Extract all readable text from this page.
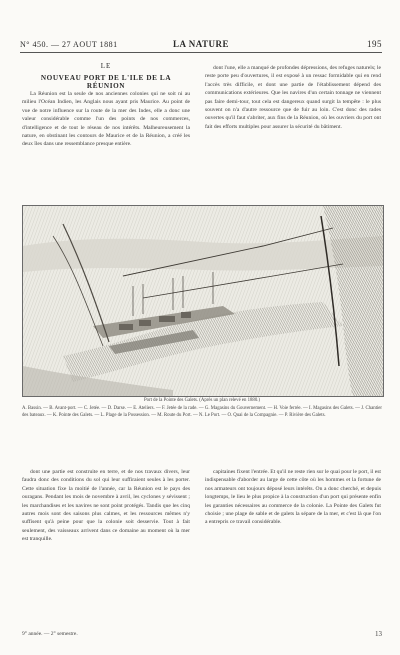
N° 450. — 27 AOUT 1881	LA NATURE	195
LE
NOUVEAU PORT DE L'ILE DE LA RÉUNION

La Réunion est la seule de nos anciennes colonies qui ne soit ni au milieu l'Océan Indien, les Anglais nous ayant pris Maurice. Au point de vue de notre influence sur la route de la mer des Indes, elle a donc une valeur considérable comme l'un des points de nos commerces, d'intelligence et de tout le réseau de nos intérêts. Malheureusement la nature, en obstinant les contours de Maurice et de la Réunion, a créé les deux îles dans une ressemblance presque entière.

dont l'une, elle a manqué de profondes dépressions, des refuges naturels; le reste porte peu d'ouvertures, il est exposé à un ressac formidable qui en rend l'accès très difficile, et dont une partie de l'établissement dépend des communications extérieures. Que les navires d'un certain tonnage ne viennent pas faire demi-tour, tout cela est dangereux quand surgit la tempête : le plus souvent on n'a d'autre ressource que de fuir au loin. C'est donc des rades ouvertes qu'il faut s'abriter, aux fins de la Réunion, où les ouvriers du port ont fait des efforts multiples pour assurer la sécurité du bâtiment.

Port de la Pointe des Galets. (Après un plan relevé en 1880.)
A. Bassin. — B. Avant-port. — C. Jetée. — D. Darse. — E. Ateliers. — F. Jetée de la rade. — G. Magasins du Gouvernement. — H. Voie ferrée. — I. Magasins des Galets. — J. Chantier des bateaux. — K. Pointe des Galets. — L. Plage de la Possession. — M. Route du Port. — N. Le Port. — O. Quai de la Compagnie. — P. Rivière des Galets.

dont une partie est construite en terre, et de nos travaux divers, leur faudra donc des conditions du sol qui leur suffiraient seules à les porter. Cette situation fixe la moitié de l'année, car la Réunion est le pays des ouragans. Pendant les mois de novembre à avril, les cyclones y sévissent ; les marchandises et les navires ne sont point protégés. Tandis que les cinq autres mois sont des saisons plus calmes, et les ressources mêmes n'y suffisent qu'à peine pour que la colonie soit desservie. Tout à fait seulement, des vaisseaux arrivent dans ce domaine au moment où la mer est tranquille.

capitaines fixent l'entrée. Et qu'il ne reste rien sur le quai pour le port, il est indispensable d'aborder au large de cette côte où les hommes et la fortune de nos armateurs ont toujours déposé leurs intérêts. On a donc cherché, et depuis longtemps, le lieu le plus propice à la construction d'un port qui présente enfin les garanties nécessaires au commerce de la colonie. La Pointe des Galets fut choisie ; une plage de sable et de galets la sépare de la mer, et c'est là que l'on a entrepris ce travail considérable.

9° année. — 2° semestre.	13
